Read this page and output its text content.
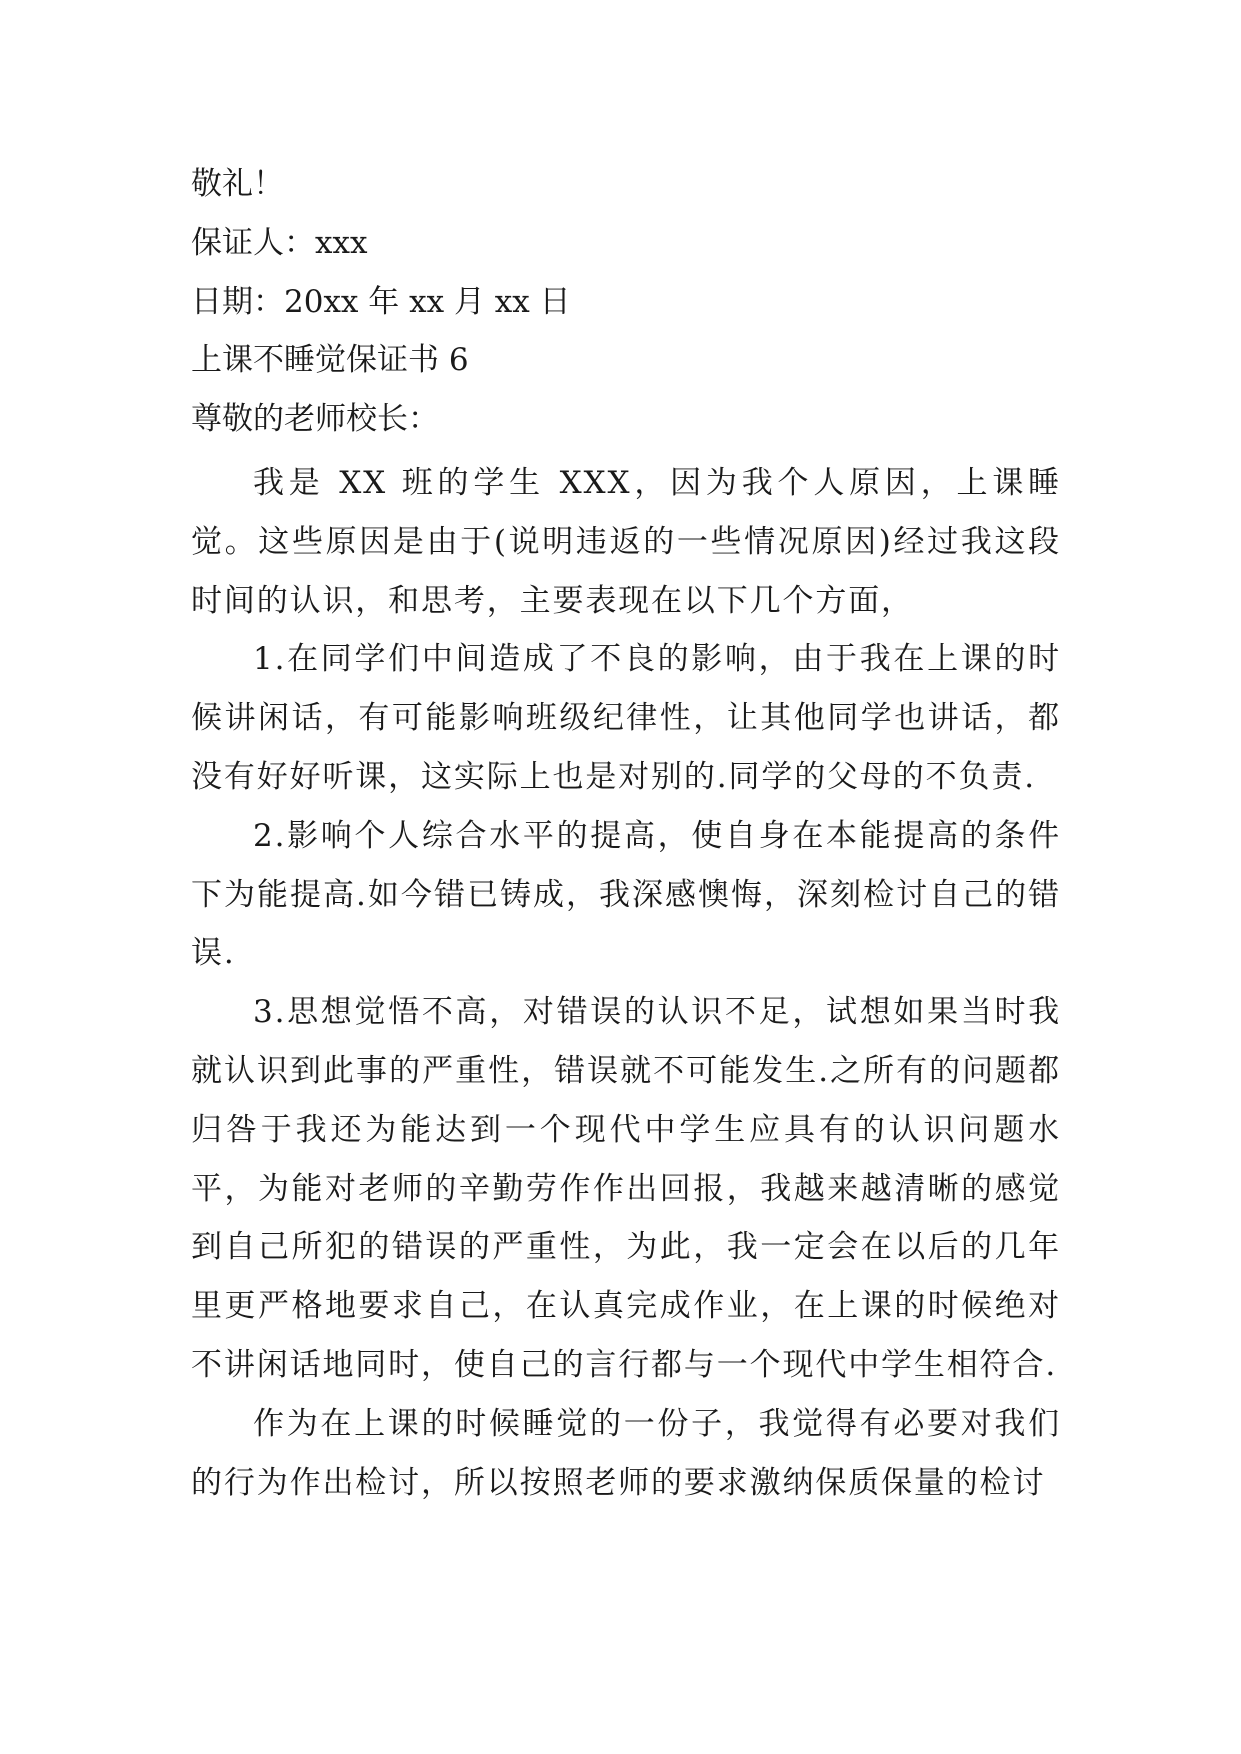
敬礼！
保证人：xxx
日期：20xx 年 xx 月 xx 日
上课不睡觉保证书 6
尊敬的老师校长：

我是 XX 班的学生 XXX，因为我个人原因，上课睡觉。这些原因是由于(说明违返的一些情况原因)经过我这段时间的认识，和思考，主要表现在以下几个方面，

1.在同学们中间造成了不良的影响，由于我在上课的时候讲闲话，有可能影响班级纪律性，让其他同学也讲话，都没有好好听课，这实际上也是对别的.同学的父母的不负责.

2.影响个人综合水平的提高，使自身在本能提高的条件下为能提高.如今错已铸成，我深感懊悔，深刻检讨自己的错误.

3.思想觉悟不高，对错误的认识不足，试想如果当时我就认识到此事的严重性，错误就不可能发生.之所有的问题都归咎于我还为能达到一个现代中学生应具有的认识问题水平，为能对老师的辛勤劳作作出回报，我越来越清晰的感觉到自己所犯的错误的严重性，为此，我一定会在以后的几年里更严格地要求自己，在认真完成作业，在上课的时候绝对不讲闲话地同时，使自己的言行都与一个现代中学生相符合.

作为在上课的时候睡觉的一份子，我觉得有必要对我们的行为作出检讨，所以按照老师的要求激纳保质保量的检讨
